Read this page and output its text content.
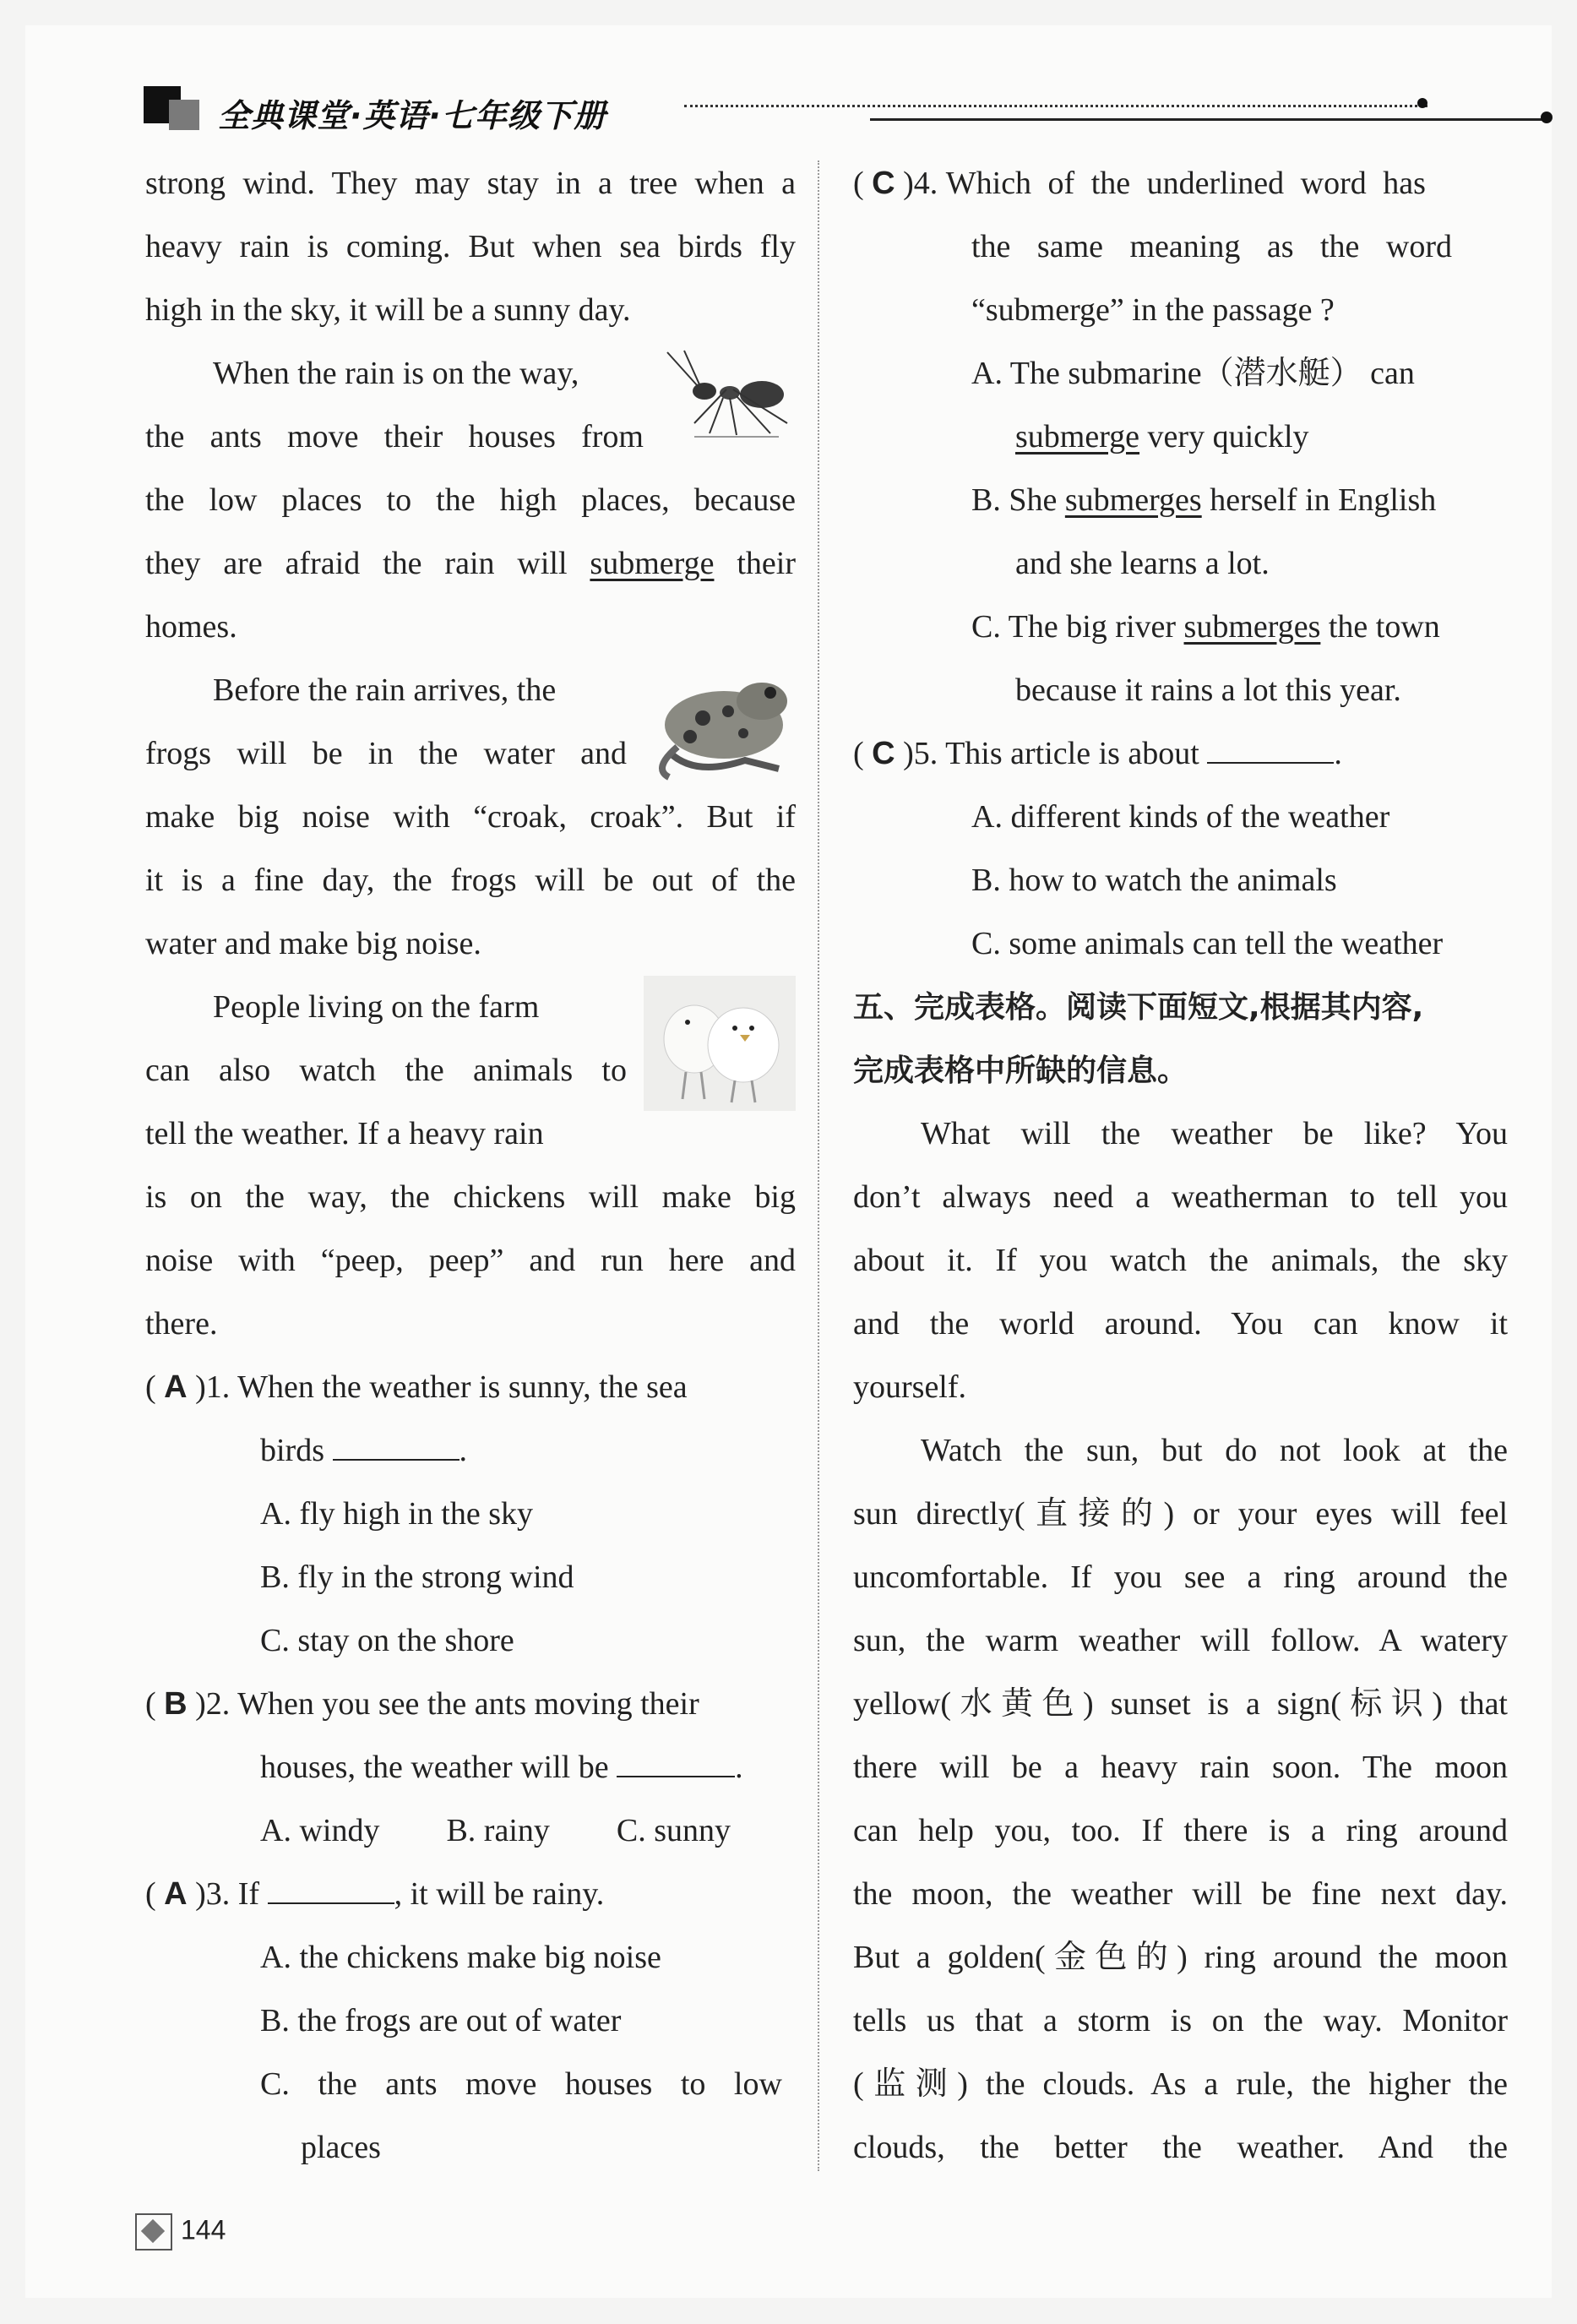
全典课堂·英语·七年级下册

strong wind. They may stay in a tree when a
heavy rain is coming. But when sea birds fly
high in the sky, it will be a sunny day.

When the rain is on the way,
the ants move their houses from
the low places to the high places, because
they are afraid the rain will submerge their
homes.
Before the rain arrives, the
frogs will be in the water and
make big noise with “croak, croak”. But if
it is a fine day, the frogs will be out of the
water and make big noise.
People living on the farm
can also watch the animals to
tell the weather. If a heavy rain
is on the way, the chickens will make big
noise with “peep, peep” and run here and
there.

( A )1. When the weather is sunny, the sea

birds	.

A. fly high in the sky

B. fly in the strong wind

C. stay on the shore

( B )2. When you see the ants moving their

houses, the weather will be	.

A. windy B. rainy C. sunny

( A )3. If	, it will be rainy.

A. the chickens make big noise

B. the frogs are out of water

C. the ants move houses to low

places

( C )4. Which of the underlined word has

the same meaning as the word

“submerge” in the passage ?

A. The submarine（潜水艇） can

submerge very quickly

B. She submerges herself in English

and she learns a lot.

C. The big river submerges the town

because it rains a lot this year.

( C )5. This article is about	.

A. different kinds of the weather

B. how to watch the animals

C. some animals can tell the weather

五、完成表格。阅读下面短文,根据其内容,

完成表格中所缺的信息。

What will the weather be like? You
don’t always need a weatherman to tell you
about it. If you watch the animals, the sky
and the world around. You can know it
yourself.
Watch the sun, but do not look at the
sun directly(直接的) or your eyes will feel
uncomfortable. If you see a ring around the
sun, the warm weather will follow. A watery
yellow(水黄色) sunset is a sign(标识) that
there will be a heavy rain soon. The moon
can help you, too. If there is a ring around
the moon, the weather will be fine next day.
But a golden(金色的) ring around the moon
tells us that a storm is on the way. Monitor
(监测) the clouds. As a rule, the higher the
clouds, the better the weather. And the
144
